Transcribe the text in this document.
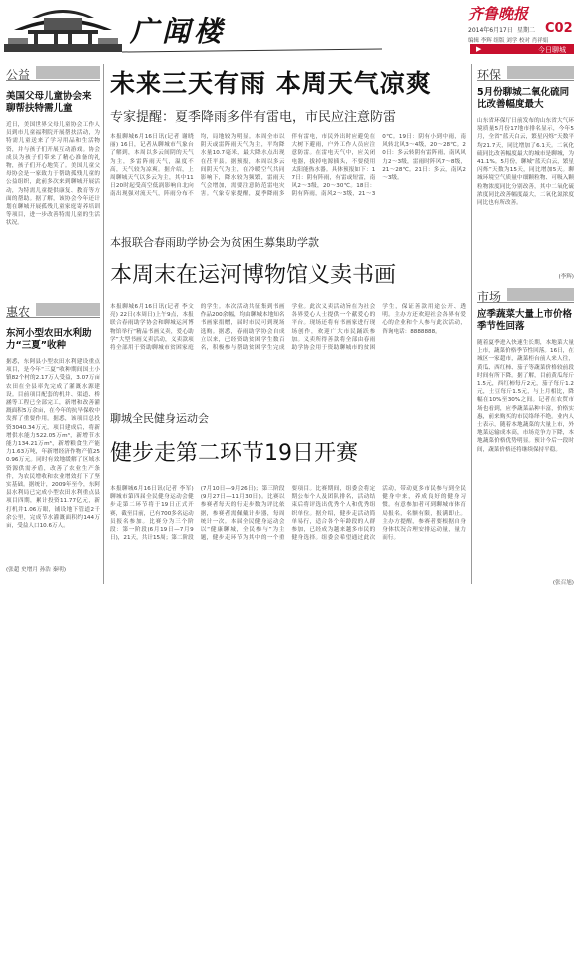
广闻楼
齐鲁晚报
2014年6月17日 星期二 C02
编辑 李辉 组版 刘学 校对 肖祥娟
▶	今日聊城
公益
美国父母儿童协会来聊帮扶特需儿童
近日，美国世界父母儿童协会工作人员到市儿童福利院开展帮扶活动，为特需儿童送来了学习用品和生活物资，并与孩子们开展互动游戏。协会成员为孩子们带来了精心准备的礼物，孩子们开心地笑了。美国儿童父母协会是一家致力于帮助孤残儿童的公益组织，此前多次来到聊城开展活动，为特需儿童提供康复、教育等方面的帮助。据了解，该协会今年还计划在聊城开展孤残儿童家庭寄养培训等项目，进一步改善特需儿童的生活状况。
惠农
东河小型农田水利助力“三夏”收种
据悉，东阿县小型农田水利建设重点项目，是今年“三夏”收种期间国土小镇82个村的2.17万人受益，3.07万亩农田在全县率先完成了灌溉水源建设。目前项目配套的机井、渠道、桥涵等工程已全部完工，新增和改善灌溉面积5万余亩，在今年的抗旱保收中发挥了重要作用。据悉，该项目总投资3040.34万元，项目建成后，将新增供水能力522.05万m³，新增节水能力134.21万m³，新增粮食生产能力1.63万吨，年新增经济作物产值250.96万元。同时有效地缓解了区域水资源供需矛盾，改善了农业生产条件，为农民增收和农业增效打下了坚实基础。据统计，2009年至今，东阿县水利局已完成小型农田水利重点县项目四期，累计投资11.77亿元，新打机井1.06万眼，铺设地下管道2千余公里，完成节水灌溉面积约144万亩，受益人口10.6万人。
(张超 史增月 孙浩 秦明)
未来三天有雨 本周天气凉爽
专家提醒：夏季降雨多伴有雷电，市民应注意防雷
本报聊城6月16日讯(记者 谢晓丽) 16日，记者从聊城市气象台了解到，本周以多云间阴的天气为主，多雷阵雨天气，温度不高，天气较为凉爽。据介绍，上周聊城天气以多云为主，其中11日20时起受高空低涡影响自北向南出现强对流天气，阵雨分布不均，局地较为明显。本周全市以阴天或雷阵雨天气为主，平均降水量10.7毫米，最大降水点出现在茌平县。据预报，本周以多云间阴天气为主，在冷暖空气共同影响下，降水较为频繁，雷雨天气会增加，需要注意防范雷电灾害。气象专家提醒，夏季降雨多伴有雷电，市民外出时应避免在大树下避雨，户外工作人员应注意防雷。在雷电天气中，应关闭电器，拔掉电源插头，不要使用太阳能热水器。具体预报如下：17日：阴有阵雨，有雷或短雷，南风2～3级，20～30℃。18日：阴有阵雨，南风2～3级，21～30℃。19日：阴有小到中雨，南风转北风3～4级，20～28℃。20日：多云转阴有雷阵雨，南风风力2～3级，雷雨时阵风7～8级，21～28℃。21日：多云，南风2～3级。
本报联合春雨助学协会为贫困生募集助学款
本周末在运河博物馆义卖书画
本报聊城6月16日讯(记者 李文亮) 22日(本周日)上午9点，本报联合春雨助学协会和聊城运河博物馆举行“精品书画义卖，爱心助学”大型书画义卖活动，义卖款项将全部用于资助聊城市贫困家庭的学生。本次活动共征集到书画作品200余幅，均由聊城本地知名书画家捐赠，届时市民可到现场选购。据悉，春雨助学协会自成立以来，已经资助贫困学生数百名，积极参与帮助贫困学生完成学业。此次义卖活动旨在为社会各界爱心人士提供一个献爱心的平台。现场还将有书画家进行现场创作，欢迎广大市民踊跃参加。义卖所得善款将全部由春雨助学协会用于资助聊城市的贫困学生，保证善款用途公开、透明。主办方还欢迎社会各界有爱心的企业和个人参与此次活动，咨询电话：8888888。
聊城全民健身运动会
健步走第二环节19日开赛
本报聊城6月16日讯(记者 李军) 聊城市第四届全民健身运动会健步走第二环节将于19日正式开赛，截至目前，已有700多名运动员报名参加。比赛分为三个阶段：第一阶段(6月19日—7月9日)，21天，共计15周；第二阶段(7月10日—9月26日)；第三阶段(9月27日—11月30日)。比赛以参赛者每天的行走步数为评比依据，参赛者需佩戴计步器，每周统计一次。本届全民健身运动会以“健康聊城，全民参与”为主题，健步走环节为其中的一个重要项目。比赛期间，组委会将定期公布个人及团队排名，活动结束后将评选出优秀个人和优秀组织单位。据介绍，健步走活动简单易行，适合各个年龄段的人群参加，已经成为越来越多市民的健身选择。组委会希望通过此次活动，带动更多市民参与到全民健身中来，养成良好的健身习惯。有意参加者可到聊城市体育局报名，名额有限，报满即止。主办方提醒，参赛者要根据自身身体状况合理安排运动量，量力而行。
环保
5月份聊城二氧化硫同比改善幅度最大
山东省环保厅日前发布的山东省大气环境质量5月份17地市排名显示，今年5月，全省“蓝天白云，繁星闪烁”天数平均21.7天，同比增加了6.1天。二氧化硫同比改善幅度最大的城市是聊城，为41.1%。5月份，聊城“蓝天白云，繁星闪烁”天数为15天，同比增加5天。聊城环境空气质量中细颗粒物、可吸入颗粒物浓度同比分别改善，其中二氧化硫浓度同比改善幅度最大，二氧化氮浓度同比也有所改善。
(李辉)
市场
应季蔬菜大量上市价格季节性回落
随着夏季进入快速生长期，本地菜大量上市，蔬菜价格季节性回落。16日，在城区一家超市，蔬菜柜台前人来人往，黄瓜、西红柿、茄子等蔬菜价格较前段时间有所下降。据了解，目前黄瓜每斤1.5元，西红柿每斤2元，茄子每斤1.2元，土豆每斤1.5元，与上月相比，降幅在10%至30%之间。记者在农贸市场也看到，应季蔬菜品种丰富，价格实惠，前来购买的市民络绎不绝。业内人士表示，随着本地蔬菜的大量上市，外地菜运输成本高，市场竞争力下降，本地蔬菜价格优势明显。预计今后一段时间，蔬菜价格还将继续保持平稳。
(张召旭)
